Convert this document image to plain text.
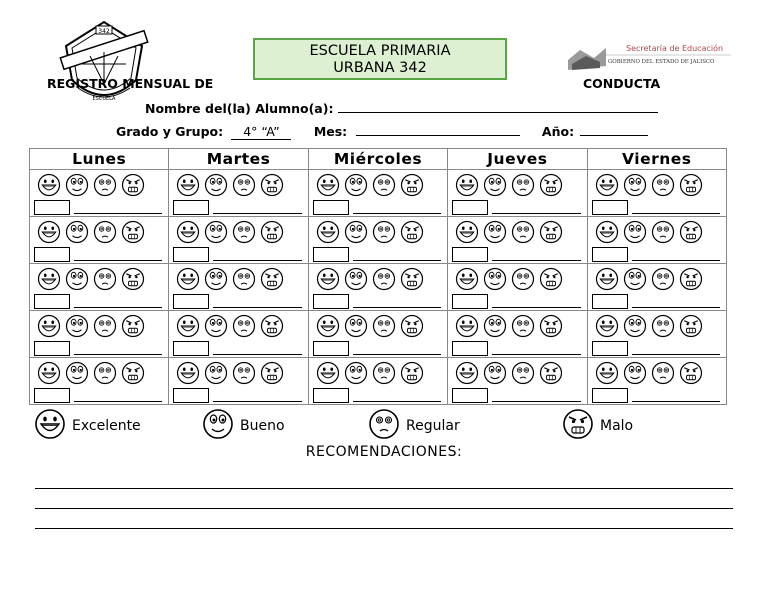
342
ESCUELA
ESCUELA PRIMARIA
URBANA 342
Secretaría de Educación
GOBIERNO DEL ESTADO DE JALISCO
REGISTRO MENSUAL DE	CONDUCTA
Nombre del(la) Alumno(a):
Grado y Grupo: 4° “A”	Mes:	Año:
Lunes	Martes	Miércoles	Jueves	Viernes

Excelente	Bueno	Regular	Malo
RECOMENDACIONES:
